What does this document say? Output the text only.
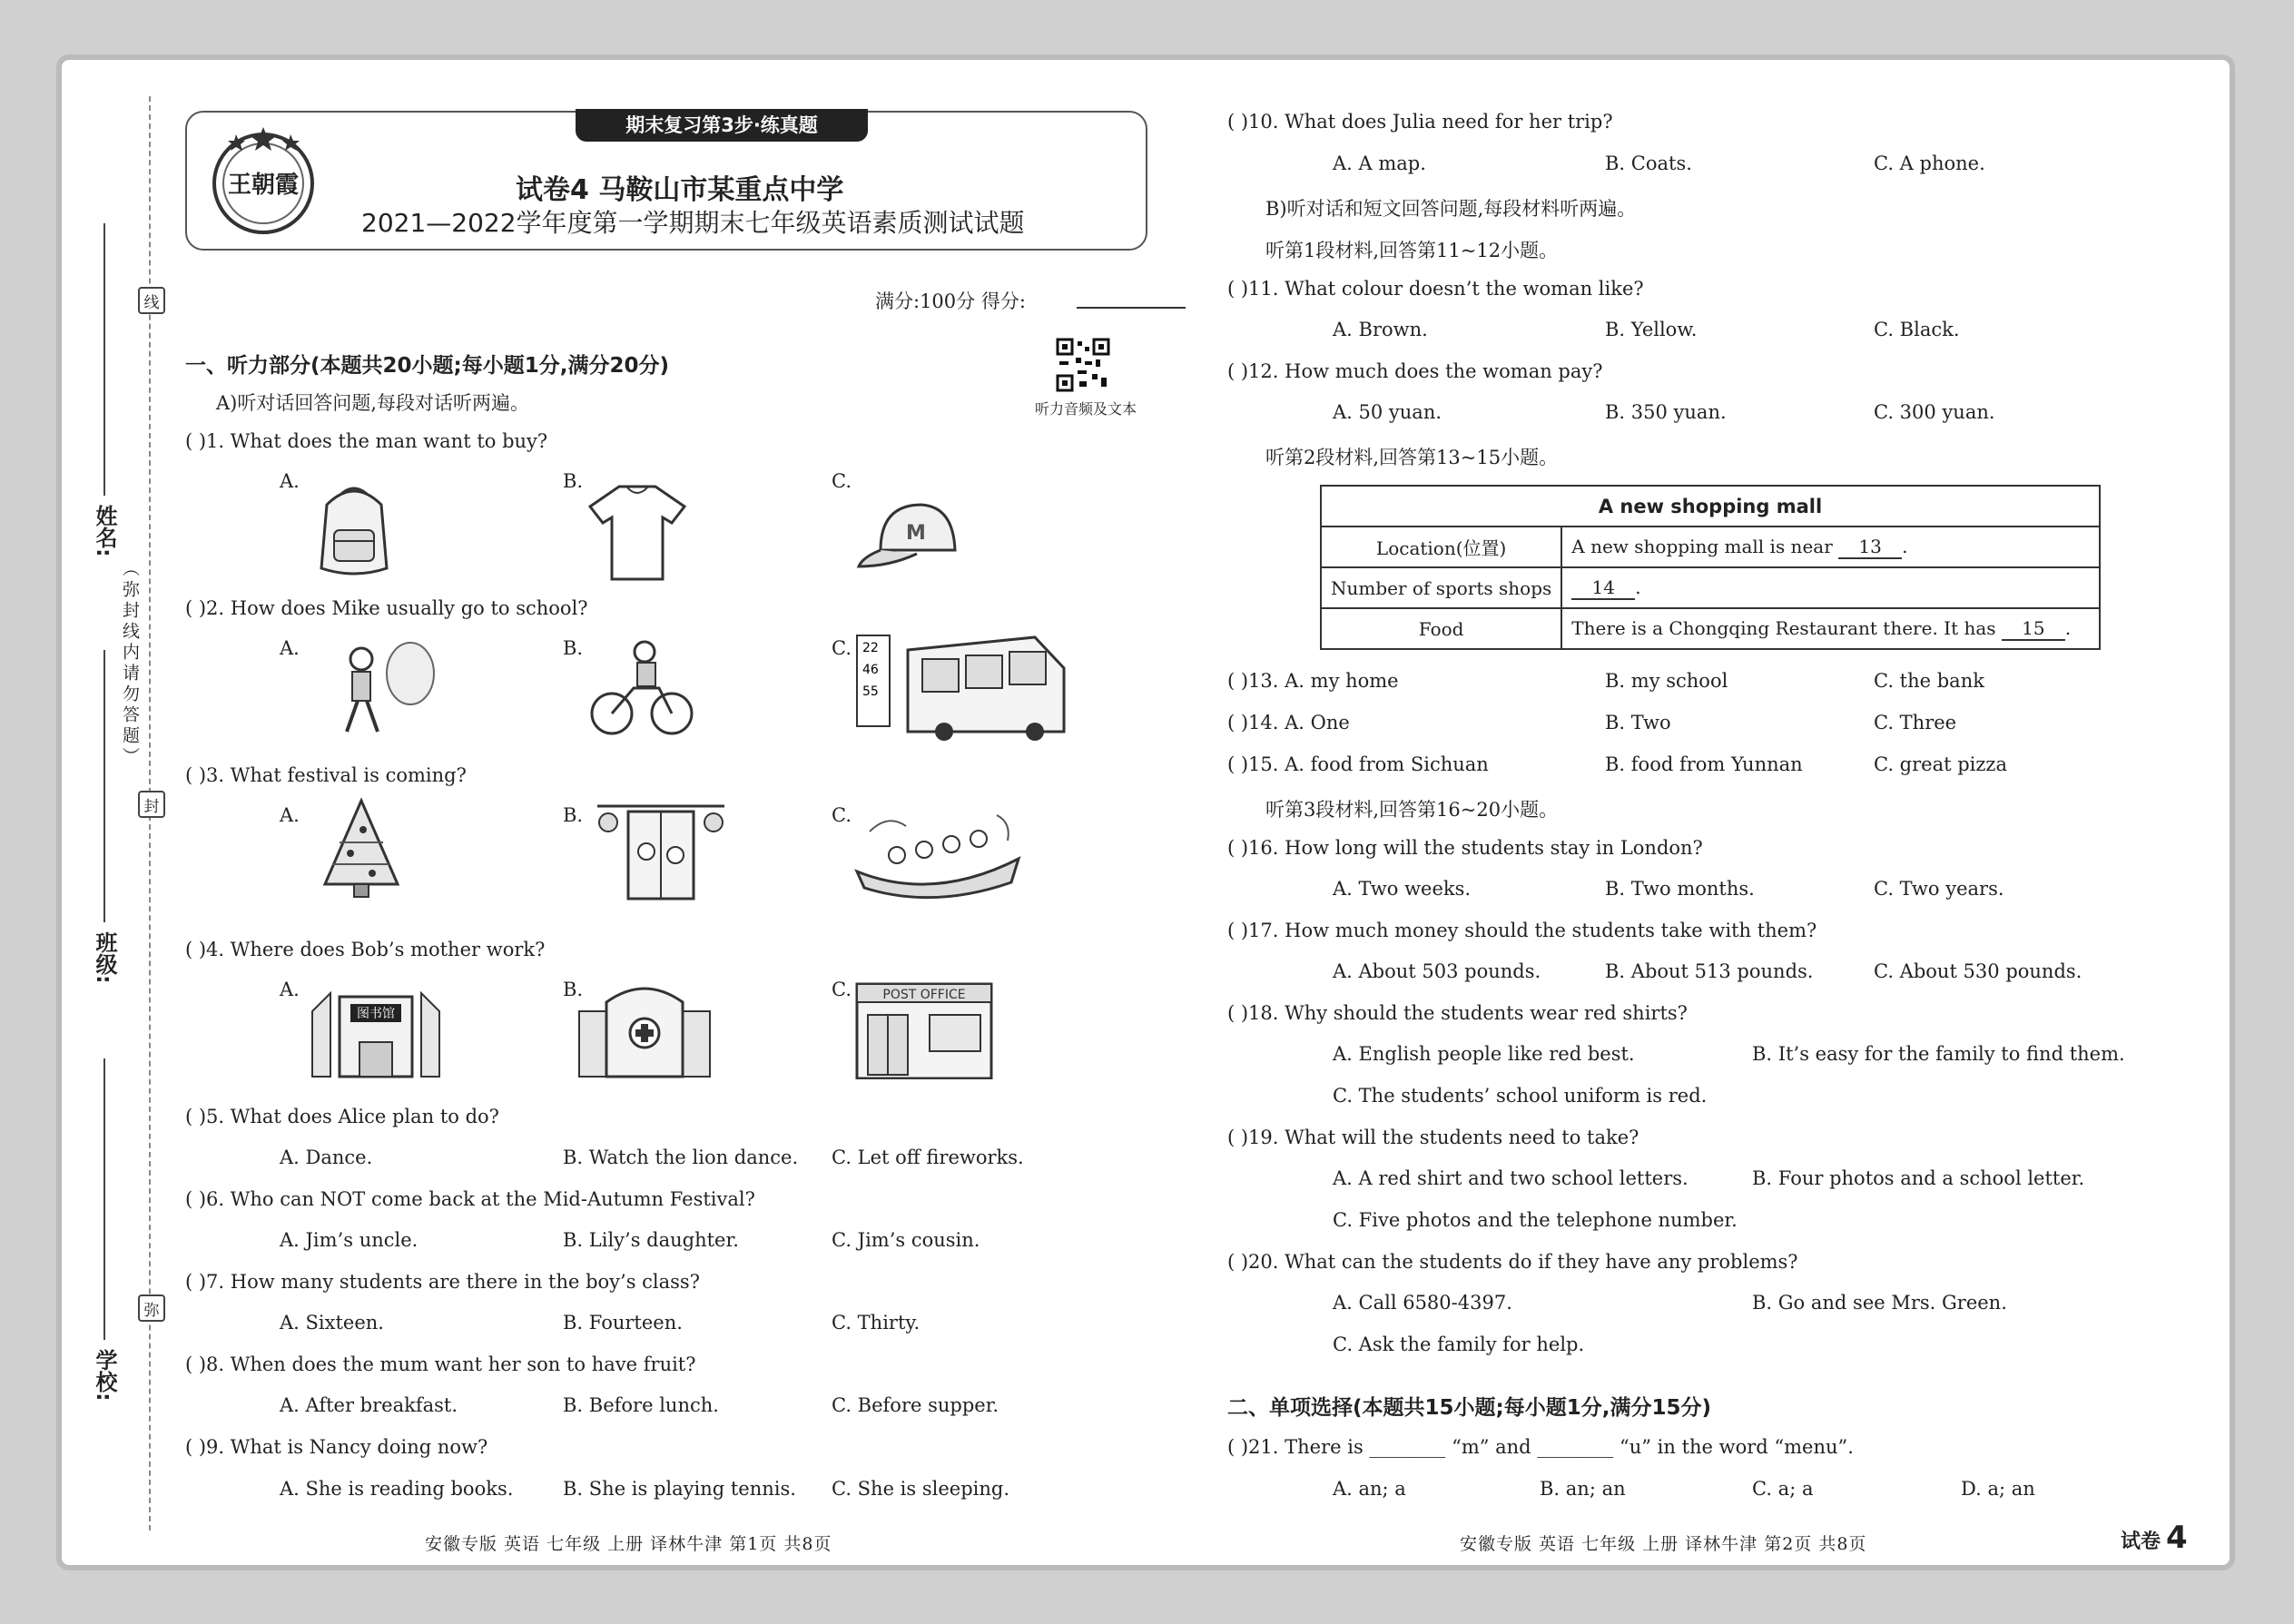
线
封
弥
姓名:
班级:
学校:
（弥封线内请勿答题）
期末复习第3步·练真题
王朝霞	试卷4 马鞍山市某重点中学
2021—2022学年度第一学期期末七年级英语素质测试试题
满分:100分 得分:
听力音频及文本
一、听力部分(本题共20小题;每小题1分,满分20分)
A)听对话回答问题,每段对话听两遍。
( )1. What does the man want to buy?
A.	B.	C.
M
( )2. How does Mike usually go to school?
A.	B.	C. 22
46
55
( )3. What festival is coming?
A.	B.	C.
( )4. Where does Bob’s mother work?
A.	B.	C.
图书馆
POST OFFICE
( )5. What does Alice plan to do?
A. Dance.	B. Watch the lion dance. C. Let off fireworks.
( )6. Who can NOT come back at the Mid-Autumn Festival?
A. Jim’s uncle.	B. Lily’s daughter.	C. Jim’s cousin.
( )7. How many students are there in the boy’s class?
A. Sixteen.	B. Fourteen.	C. Thirty.
( )8. When does the mum want her son to have fruit?
A. After breakfast.	B. Before lunch.	C. Before supper.
( )9. What is Nancy doing now?
A. She is reading books.	B. She is playing tennis. C. She is sleeping.
安徽专版 英语 七年级 上册 译林牛津 第1页 共8页
( )10. What does Julia need for her trip?
A. A map.	B. Coats.	C. A phone.
B)听对话和短文回答问题,每段材料听两遍。
听第1段材料,回答第11~12小题。
( )11. What colour doesn’t the woman like?
A. Brown.	B. Yellow.	C. Black.
( )12. How much does the woman pay?
A. 50 yuan.	B. 350 yuan.	C. 300 yuan.
听第2段材料,回答第13~15小题。
A new shopping mall	
Location(位置)	A new shopping mall is near 13 .
Number of sports shops	14 .
Food	There is a Chongqing Restaurant there. It has 15 .
( )13. A. my home	B. my school	C. the bank
( )14. A. One	B. Two	C. Three
( )15. A. food from Sichuan	B. food from Yunnan	C. great pizza
听第3段材料,回答第16~20小题。
( )16. How long will the students stay in London?
A. Two weeks.	B. Two months.	C. Two years.
( )17. How much money should the students take with them?
A. About 503 pounds.	B. About 513 pounds.	C. About 530 pounds.
( )18. Why should the students wear red shirts?
A. English people like red best.	B. It’s easy for the family to find them.
C. The students’ school uniform is red.
( )19. What will the students need to take?
A. A red shirt and two school letters.	B. Four photos and a school letter.
C. Five photos and the telephone number.
( )20. What can the students do if they have any problems?
A. Call 6580-4397.	B. Go and see Mrs. Green.
C. Ask the family for help.
二、单项选择(本题共15小题;每小题1分,满分15分)
( )21. There is ________ “m” and ________ “u” in the word “menu”.
A. an; a	B. an; an	C. a; a	D. a; an
安徽专版 英语 七年级 上册 译林牛津 第2页 共8页	试卷 4
